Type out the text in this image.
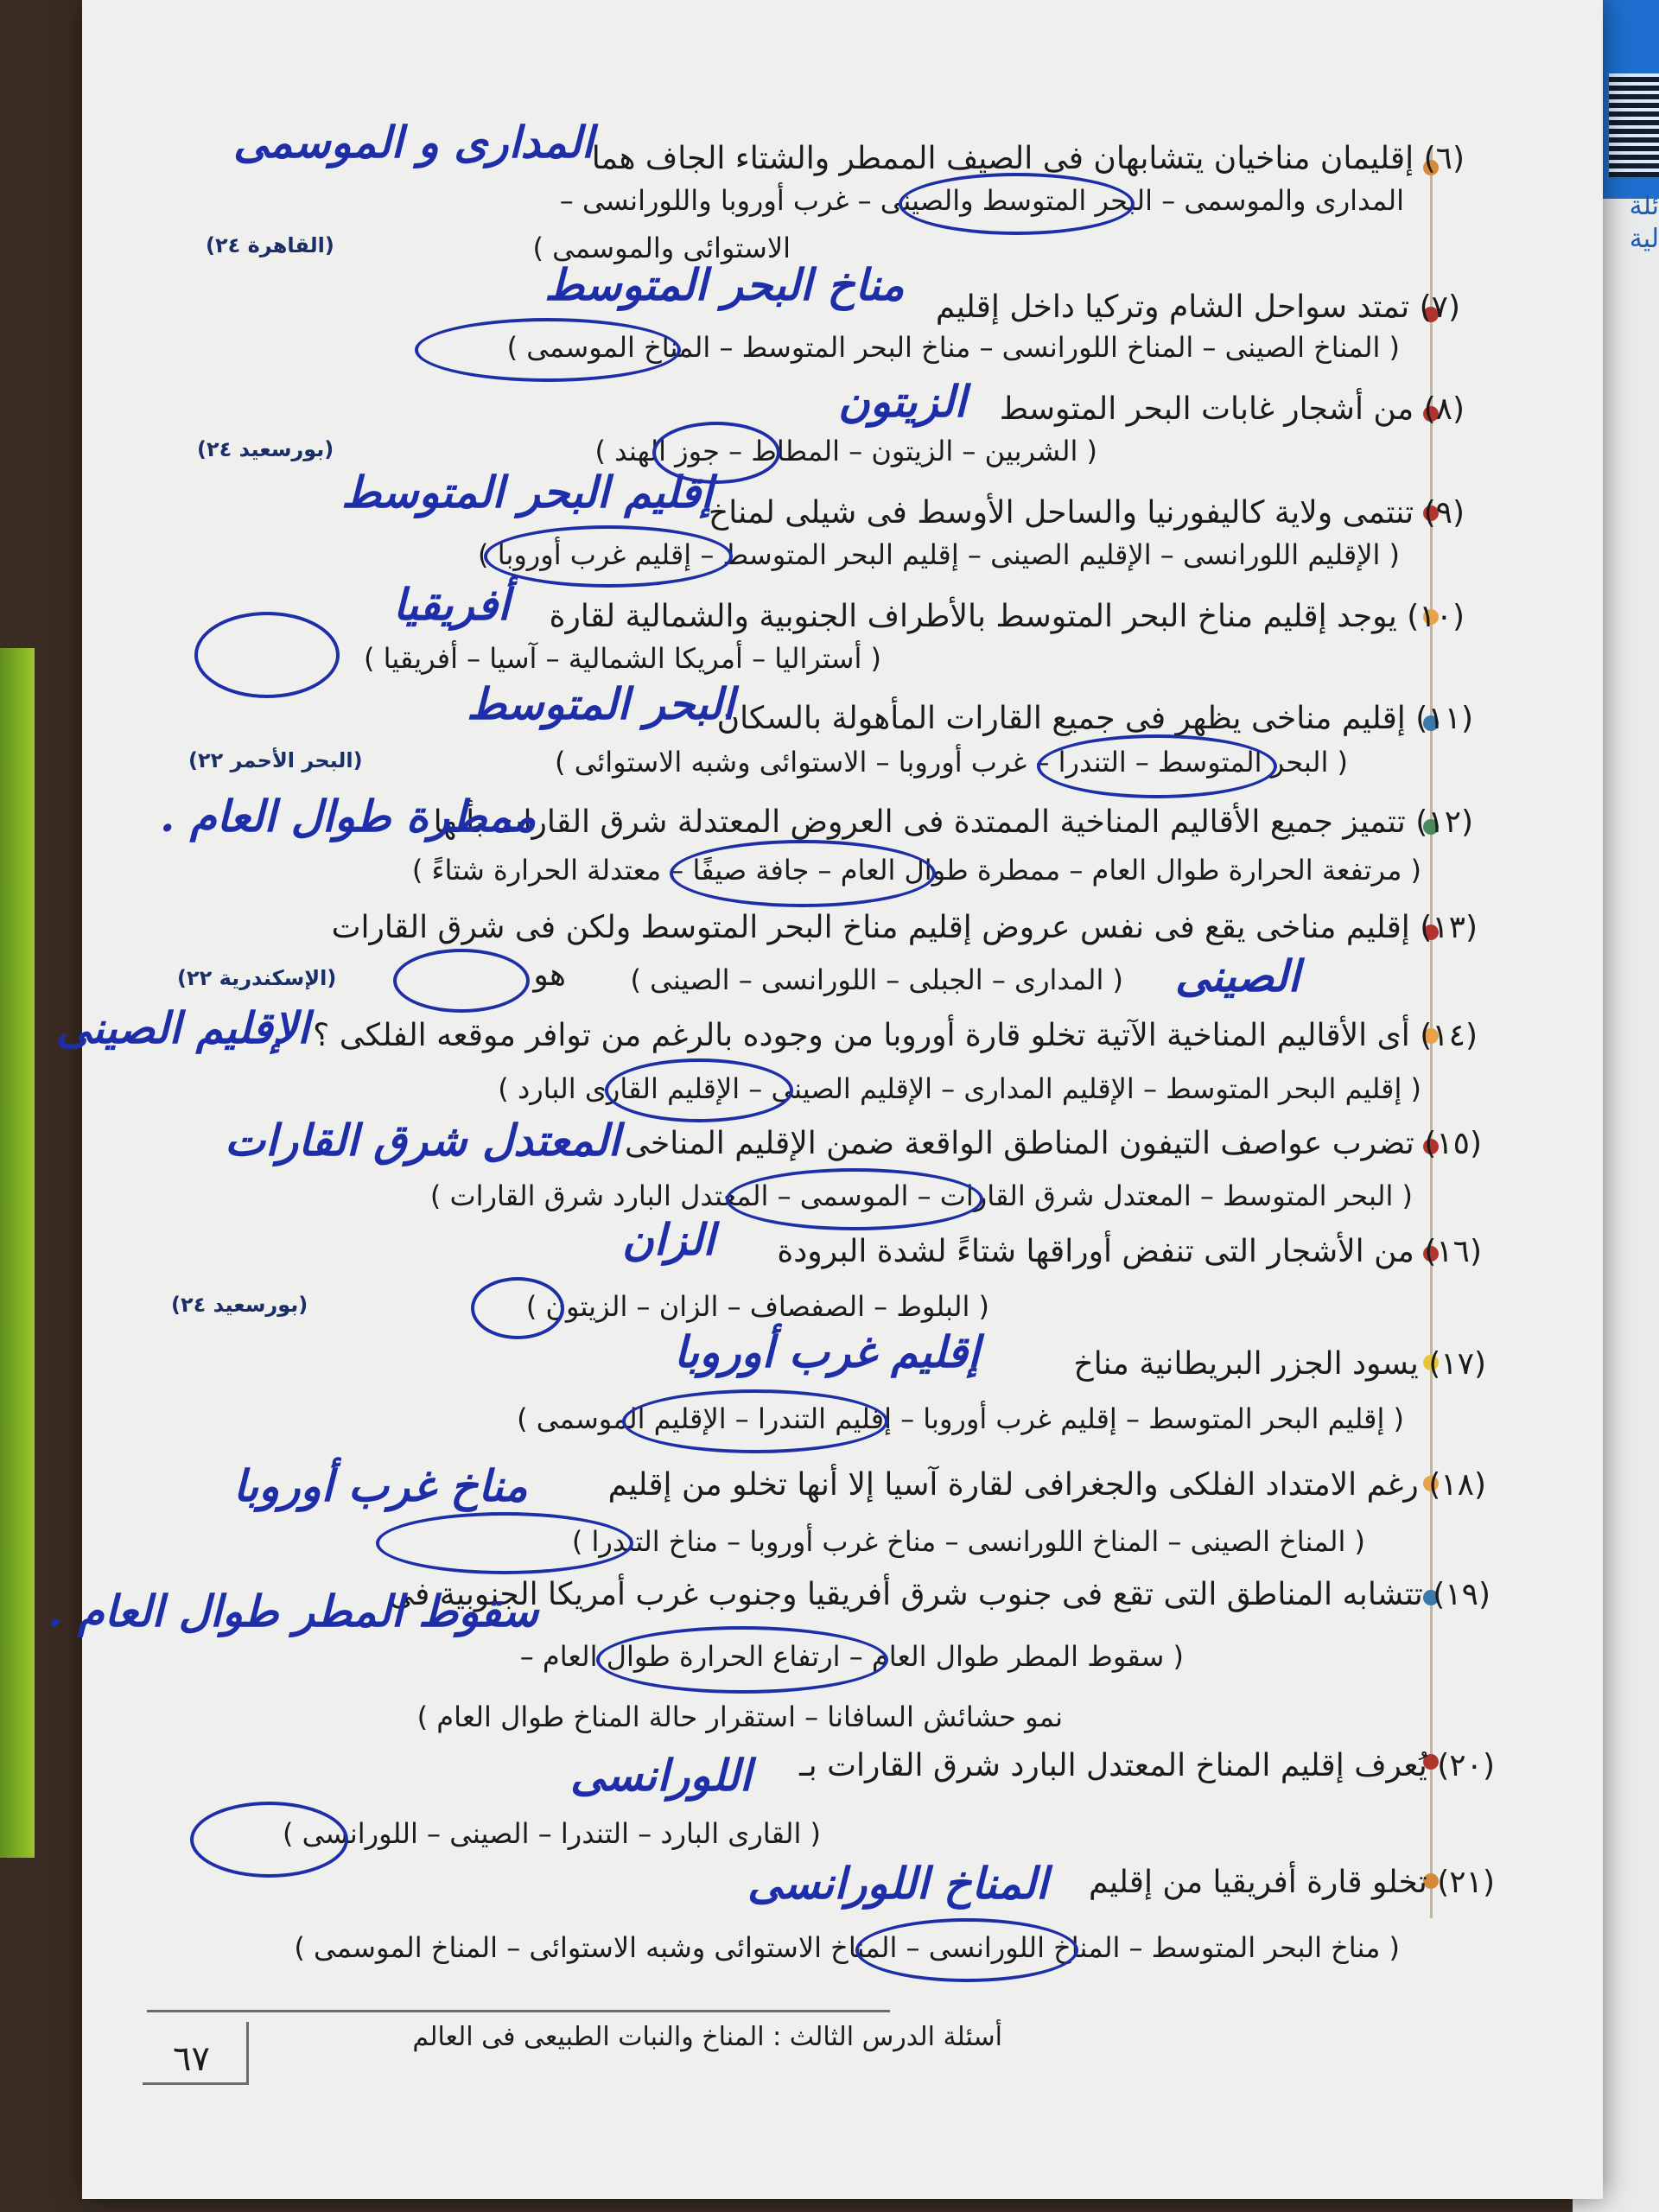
(٦) إقليمان مناخيان يتشابهان فى الصيف الممطر والشتاء الجاف هما
المدارى و الموسمى
المدارى والموسمى – البحر المتوسط والصينى – غرب أوروبا واللورانسى –
الاستوائى والموسمى )
(القاهرة ٢٤)
(٧) تمتد سواحل الشام وتركيا داخل إقليم
مناخ البحر المتوسط
( المناخ الصينى – المناخ اللورانسى – مناخ البحر المتوسط – المناخ الموسمى )
(٨) من أشجار غابات البحر المتوسط
الزيتون
( الشربين – الزيتون – المطاط – جوز الهند )
(بورسعيد ٢٤)
(٩) تنتمى ولاية كاليفورنيا والساحل الأوسط فى شيلى لمناخ
إقليم البحر المتوسط
( الإقليم اللورانسى – الإقليم الصينى – إقليم البحر المتوسط – إقليم غرب أوروبا )
(١٠) يوجد إقليم مناخ البحر المتوسط بالأطراف الجنوبية والشمالية لقارة
أفريقيا
( أستراليا – أمريكا الشمالية – آسيا – أفريقيا )
(١١) إقليم مناخى يظهر فى جميع القارات المأهولة بالسكان
البحر المتوسط
( البحر المتوسط – التندرا – غرب أوروبا – الاستوائى وشبه الاستوائى )
(البحر الأحمر ٢٢)
(١٢) تتميز جميع الأقاليم المناخية الممتدة فى العروض المعتدلة شرق القارات بأنها
ممطرة طوال العام .
( مرتفعة الحرارة طوال العام – ممطرة طوال العام – جافة صيفًا – معتدلة الحرارة شتاءً )
(١٣) إقليم مناخى يقع فى نفس عروض إقليم مناخ البحر المتوسط ولكن فى شرق القارات
هو	الصينى
( المدارى – الجبلى – اللورانسى – الصينى )
(الإسكندرية ٢٢)
(١٤) أى الأقاليم المناخية الآتية تخلو قارة أوروبا من وجوده بالرغم من توافر موقعه الفلكى ؟
الإقليم الصينى
( إقليم البحر المتوسط – الإقليم المدارى – الإقليم الصينى – الإقليم القارى البارد )
(١٥) تضرب عواصف التيفون المناطق الواقعة ضمن الإقليم المناخى
المعتدل شرق القارات
( البحر المتوسط – المعتدل شرق القارات – الموسمى – المعتدل البارد شرق القارات )
(١٦) من الأشجار التى تنفض أوراقها شتاءً لشدة البرودة
الزان
( البلوط – الصفصاف – الزان – الزيتون )
(بورسعيد ٢٤)
(١٧) يسود الجزر البريطانية مناخ
إقليم غرب أوروبا
( إقليم البحر المتوسط – إقليم غرب أوروبا – إقليم التندرا – الإقليم الموسمى )
(١٨) رغم الامتداد الفلكى والجغرافى لقارة آسيا إلا أنها تخلو من إقليم
مناخ غرب أوروبا
( المناخ الصينى – المناخ اللورانسى – مناخ غرب أوروبا – مناخ التندرا )
(١٩) تتشابه المناطق التى تقع فى جنوب شرق أفريقيا وجنوب غرب أمريكا الجنوبية فى
سقوط المطر طوال العام .
( سقوط المطر طوال العام – ارتفاع الحرارة طوال العام –
نمو حشائش السافانا – استقرار حالة المناخ طوال العام )
(٢٠) يُعرف إقليم المناخ المعتدل البارد شرق القارات بـ
اللورانسى
( القارى البارد – التندرا – الصينى – اللورانسى )
(٢١) تخلو قارة أفريقيا من إقليم
المناخ اللورانسى
( مناخ البحر المتوسط – المناخ اللورانسى – المناخ الاستوائى وشبه الاستوائى – المناخ الموسمى )
٦٧
أسئلة الدرس الثالث : المناخ والنبات الطبيعى فى العالم
ئلة
لية
